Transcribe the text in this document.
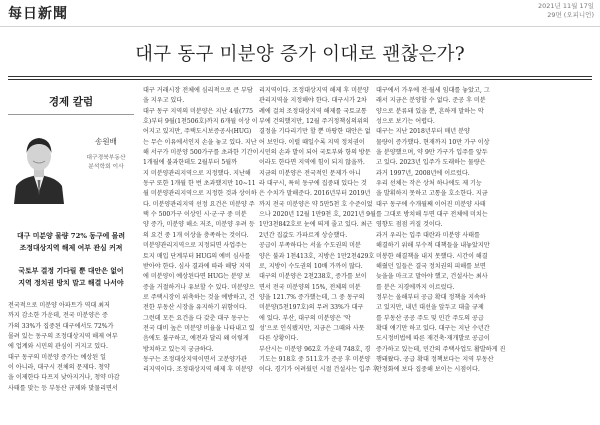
每日新聞	2021년 11월 17일
29면 (오피니언)
대구 동구 미분양 증가 이대로 괜찮은가?
경제 칼럼
송원배
대구경북부동산
분석학회 이사
대구 미분양 물량 72% 동구에 몰려
조정대상지역 해제 여부 관심 커져
국토부 결정 기다릴 뿐 대안은 없어
지역 정치권 방치 말고 해결 나서야
전국적으로 미분양 아파트가 역대 최저
까지 감소한 가운데, 전국 미분양은 증
가의 33%가 집중된 대구에서도 72%가
몰려 있는 동구의 조정대상지역 해제 여부
에 업계와 시민의 관심이 커지고 있다.
대구 동구의 미분양 증가는 예상된 일
이 아니라, 대구시 전체의 문제다. 청약
을 이제한다 다프지 낮아지거나, 청약 마감
사태를 맞는 등 부동산 규제와 맞물리면서
대구 거래시장 전체에 심리적으로 큰 부담
을 지우고 있다.
대구 동구 지역의 미분양은 지난 4월(775
호)부터 9월(1천506호)까지 6개월 이상 이
어지고 있지만, 주택도시보증공사(HUG)
는 무슨 이유에서인지 손을 놓고 있다. 지난
해 서구가 미분양 500가구를 초과한 기간이
1개월에 불과한데도 2월부터 5월까
지 미분양관리지역으로 지정했다. 지난해
동구 또한 1개월 한 번 초과했지만 10~11
월 미분양관리지역으로 지정한 것과 상이하
다. 미분양관리지역 선정 요건은 미분양 주
택 수 500가구 이상인 시·군·구 중 미분
양 증가, 미분양 해소 저조, 미분양 우려 등
의 요건 중 1개 이상을 충족하는 것이다.
미분양관리지역으로 지정되면 사업주는
토지 매입 단계부터 HUG의 예비 심사를
받아야 한다. 심사 결과에 따라 해당 지역
에 미분양이 예상된다면 HUG는 분양 보
증을 거절하거나 유보할 수 있다. 미분양으
로 주택시장이 위축하는 것을 예방하고, 건
전한 부동산 시장을 유지하기 위함이다.
그런데 모든 요건을 다 갖춘 대구 동구는
전국 대비 높은 미분양 비율을 나타내고 있
음에도 불구하고, 예전과 달리 왜 이렇게
방치하고 있는지 궁금하다.
동구는 조정대상지역이면서 고분양가관
리지역이다. 조정대상지역 해제 후 미분양
리지역이다. 조정대상지역 해제 후 미분양
관리지역을 지정해야 한다. 대구시가 2차
례에 걸쳐 조정대상지역 해제를 국토교통
부에 건의했지만, 12월 주거정책심의위의
결정을 기다리기만 할 뿐 마땅한 대안은 없
어 보인다. 이럴 때일수록 지역 정치권이
시민의 손과 발이 되어 국토부와 항의 방문
이라도 한다면 지역에 힘이 되지 않을까.
지금의 미분양은 전국적인 문제가 아니
라 대구시, 특히 동구에 집중돼 있다는 것
은 수치가 말해준다. 2016년부터 2019년
까지 전국 미분양은 약 5만5천 호 수준이었
으나 2020년 12월 1만9천 호, 2021년 9월
1만3천842호로 눈에 띄게 줄고 있다. 최근
2년간 집값도 가파르게 상승했다.
공급이 부족하다는 서울 수도권의 미분
양은 불과 1천413호, 지방은 1만2천429호
로, 지방이 수도권의 10배 가까이 많다.
대구의 미분양은 2천238호, 증가를 보이
면서 전국 미분양의 15%, 전체의 미분
양을 121.7% 증가했는데, 그 중 동구의
미분양(5천197호)의 무려 33%가 대구
에 있다. 부산, 대구의 미분양은 '악
성'으로 인식됐지만, 지금은 그때와 사뭇
다른 상황이다.
부산시는 미분양 962호 가운데 748호, 경
기도는 918호 중 511호가 준공 후 미분양
이다. 경기가 어려웠던 시절 건설사는 입주 후
대구에서 가우에 전·월세 임대를 놓았고, 그
래서 지금은 분양할 수 없다. 준공 후 미분
양으로 분류돼 있을 뿐, 흔하게 말하는 악
성으로 보기는 어렵다.
대구는 지난 2018년부터 매년 분양
물량이 증가했다. 현재까지 10만 가구 이상
을 분양했으며, 약 9만 가구가 입주를 앞두
고 있다. 2023년 입주가 도래하는 물량은
과거 1997년, 2008년에 이르렀다.
우리 선체는 작은 상처 하나에도 제 기능
을 발휘하지 못하고 고통을 호소한다. 지금
대구 동구에 수개월째 이어진 미분양 사태
를 그대로 방치해 두면 대구 전체에 미치는
영향도 점점 커질 것이다.
과거 우리는 입주 대란과 미분양 사태를
해결하기 위해 부수적 대책들을 내놓았지만
미봉한 해결책을 내지 못했다. 시간이 해결
해줬던 일들은 결국 정치권의 피해를 보면
늦을을 마크고 말아야 했고, 건설사는 최사
를 분은 지경에까지 이르렀다.
정부는 올해부터 공급 확대 정책을 지속하
고 있지만, 내년 대선을 앞두고 대출 규제
를 부동산 공공 주도 및 민간 주도의 공급
확대 얘기만 하고 있다. 대구는 지난 수년간
도시정비법에 따른 재건축·재개발로 공급이
증가하고 있는데, 민간의 주택사업도 활발하게 진
행돼왔다. 공급 확대 정책보다는 지역 부동산
안정화에 보다 집중해 보이는 시점이다.
